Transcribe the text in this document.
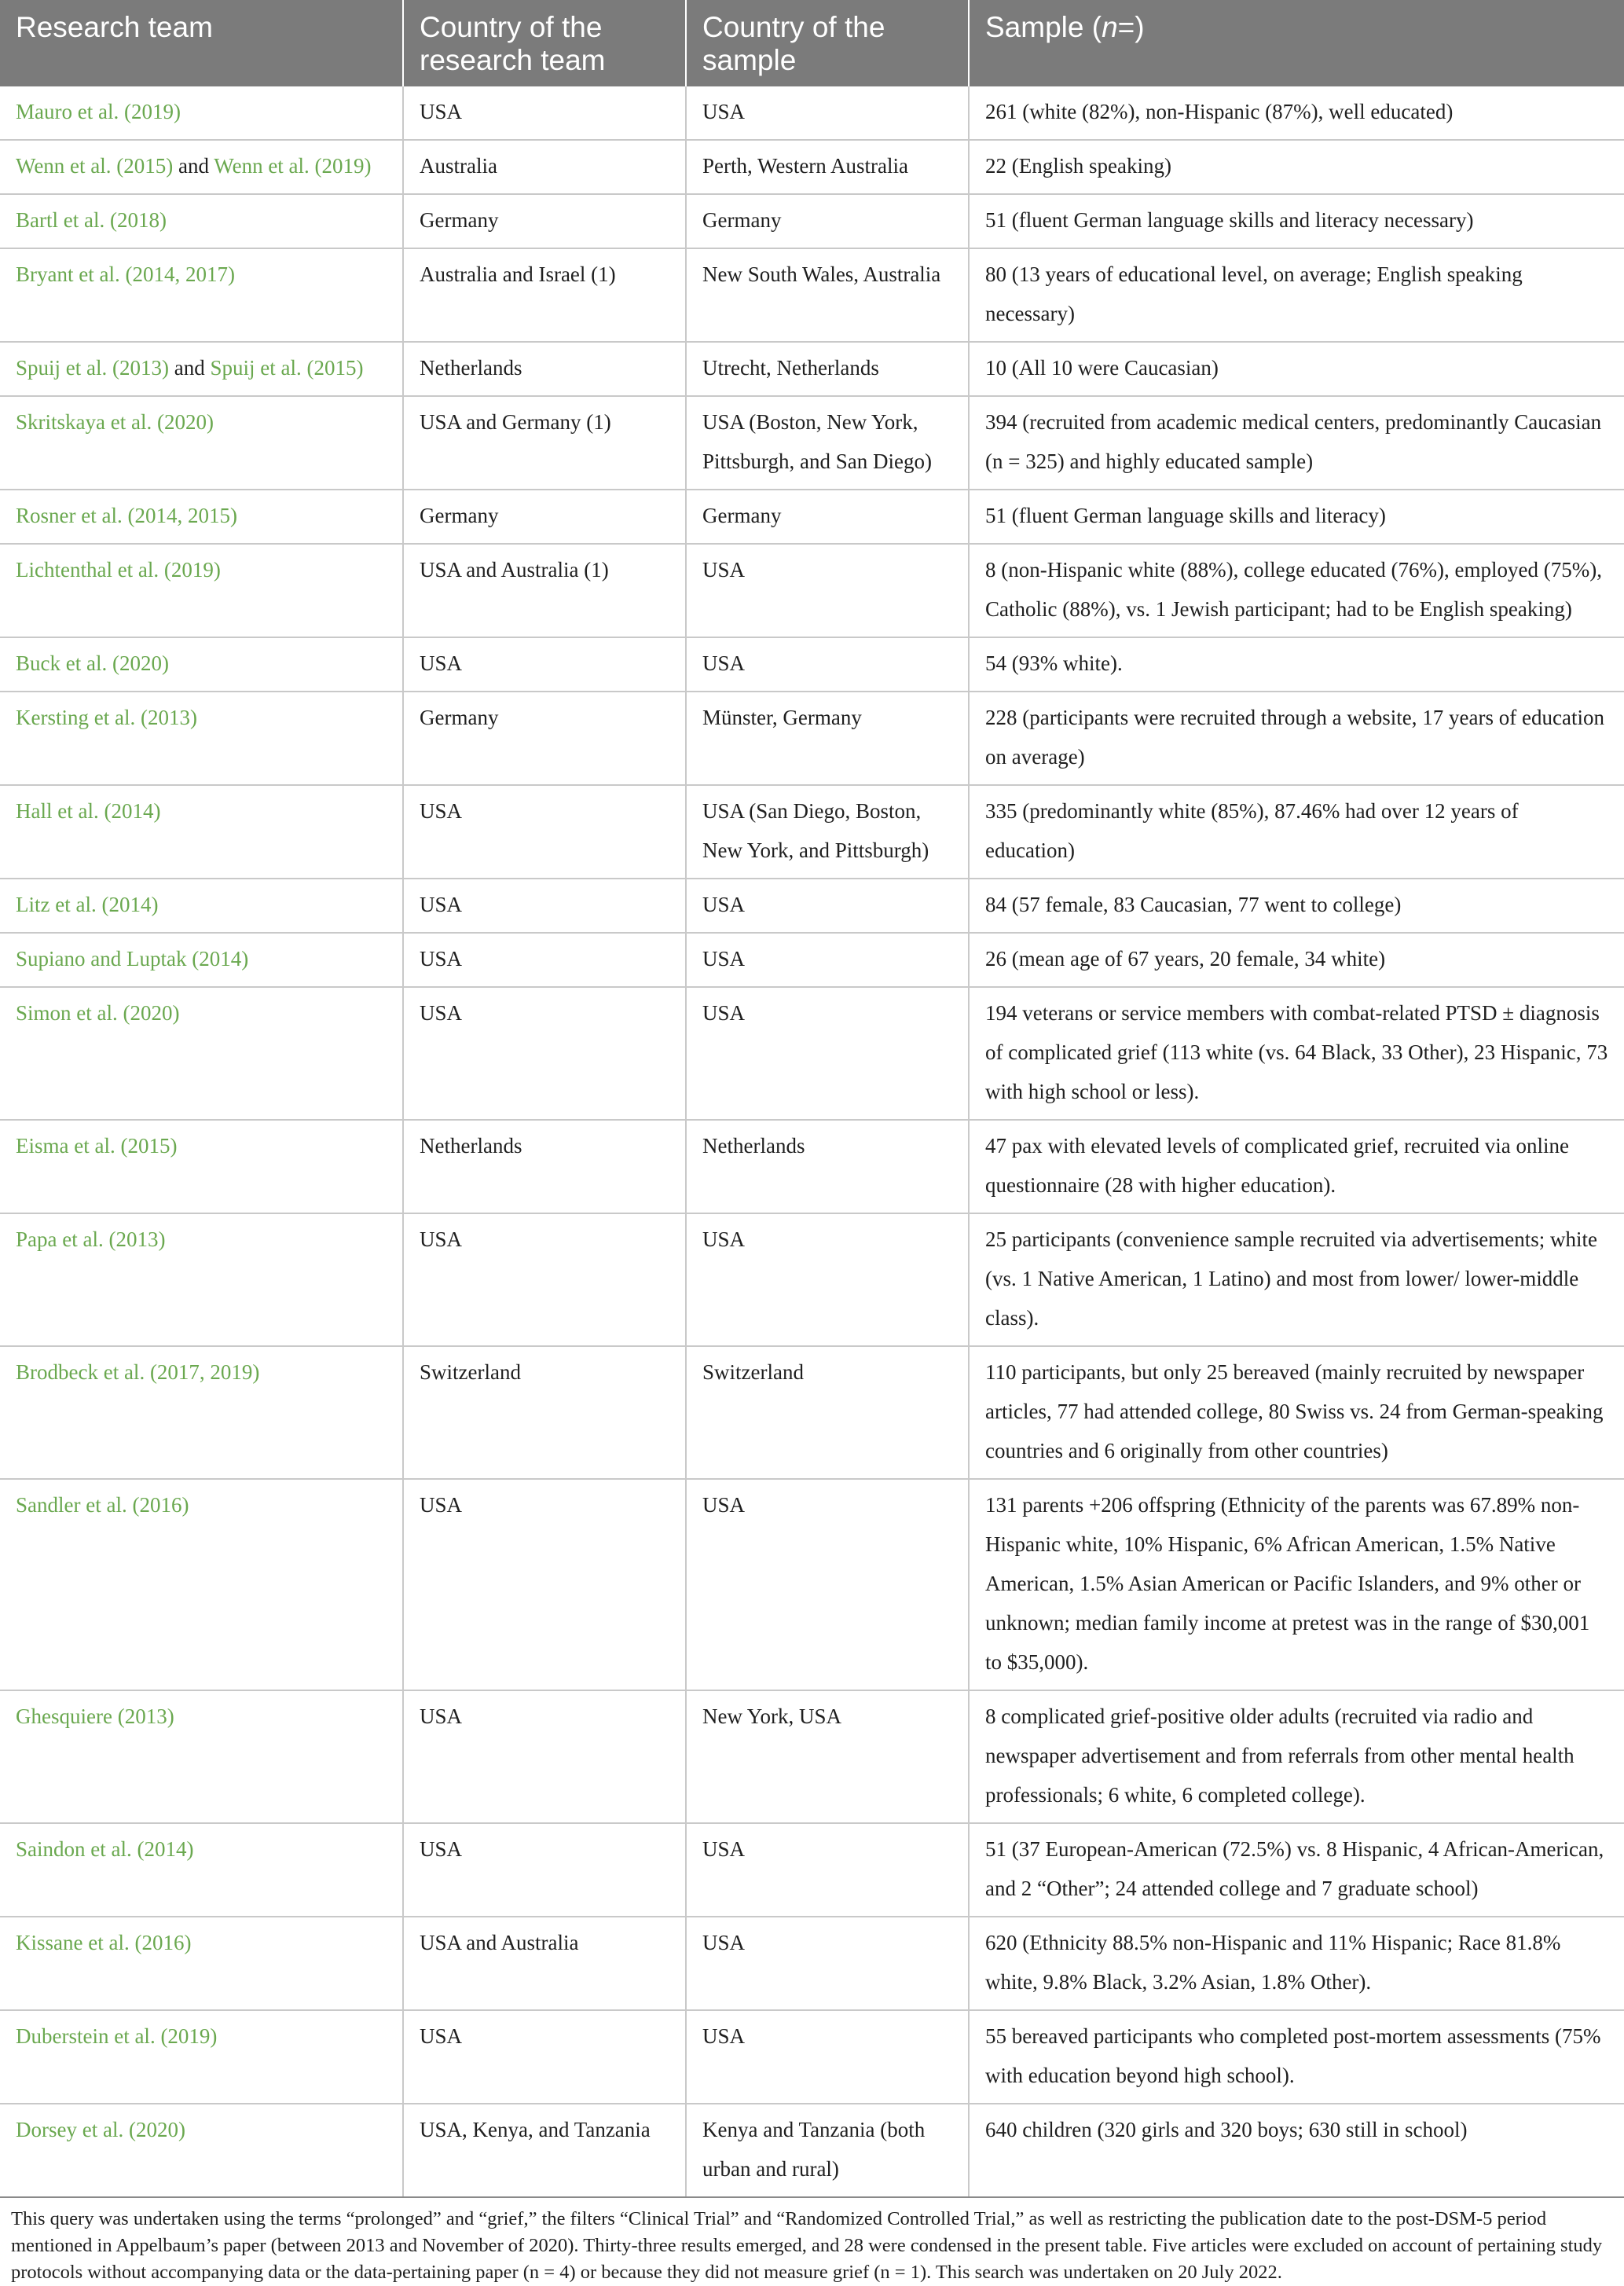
Research team	Country of the research team	Country of the sample	Sample (n=)
Mauro et al. (2019)	USA	USA	261 (white (82%), non-Hispanic (87%), well educated)
Wenn et al. (2015) and Wenn et al. (2019)	Australia	Perth, Western Australia	22 (English speaking)
Bartl et al. (2018)	Germany	Germany	51 (fluent German language skills and literacy necessary)
Bryant et al. (2014, 2017)	Australia and Israel (1)	New South Wales, Australia	80 (13 years of educational level, on average; English speaking necessary)
Spuij et al. (2013) and Spuij et al. (2015)	Netherlands	Utrecht, Netherlands	10 (All 10 were Caucasian)
Skritskaya et al. (2020)	USA and Germany (1)	USA (Boston, New York, Pittsburgh, and San Diego)	394 (recruited from academic medical centers, predominantly Caucasian (n = 325) and highly educated sample)
Rosner et al. (2014, 2015)	Germany	Germany	51 (fluent German language skills and literacy)
Lichtenthal et al. (2019)	USA and Australia (1)	USA	8 (non-Hispanic white (88%), college educated (76%), employed (75%), Catholic (88%), vs. 1 Jewish participant; had to be English speaking)
Buck et al. (2020)	USA	USA	54 (93% white).
Kersting et al. (2013)	Germany	Münster, Germany	228 (participants were recruited through a website, 17 years of education on average)
Hall et al. (2014)	USA	USA (San Diego, Boston, New York, and Pittsburgh)	335 (predominantly white (85%), 87.46% had over 12 years of education)
Litz et al. (2014)	USA	USA	84 (57 female, 83 Caucasian, 77 went to college)
Supiano and Luptak (2014)	USA	USA	26 (mean age of 67 years, 20 female, 34 white)
Simon et al. (2020)	USA	USA	194 veterans or service members with combat-related PTSD ± diagnosis of complicated grief (113 white (vs. 64 Black, 33 Other), 23 Hispanic, 73 with high school or less).
Eisma et al. (2015)	Netherlands	Netherlands	47 pax with elevated levels of complicated grief, recruited via online questionnaire (28 with higher education).
Papa et al. (2013)	USA	USA	25 participants (convenience sample recruited via advertisements; white (vs. 1 Native American, 1 Latino) and most from lower/ lower-middle class).
Brodbeck et al. (2017, 2019)	Switzerland	Switzerland	110 participants, but only 25 bereaved (mainly recruited by newspaper articles, 77 had attended college, 80 Swiss vs. 24 from German-speaking countries and 6 originally from other countries)
Sandler et al. (2016)	USA	USA	131 parents +206 offspring (Ethnicity of the parents was 67.89% non-Hispanic white, 10% Hispanic, 6% African American, 1.5% Native American, 1.5% Asian American or Pacific Islanders, and 9% other or unknown; median family income at pretest was in the range of $30,001 to $35,000).
Ghesquiere (2013)	USA	New York, USA	8 complicated grief-positive older adults (recruited via radio and newspaper advertisement and from referrals from other mental health professionals; 6 white, 6 completed college).
Saindon et al. (2014)	USA	USA	51 (37 European-American (72.5%) vs. 8 Hispanic, 4 African-American, and 2 “Other”; 24 attended college and 7 graduate school)
Kissane et al. (2016)	USA and Australia	USA	620 (Ethnicity 88.5% non-Hispanic and 11% Hispanic; Race 81.8% white, 9.8% Black, 3.2% Asian, 1.8% Other).
Duberstein et al. (2019)	USA	USA	55 bereaved participants who completed post-mortem assessments (75% with education beyond high school).
Dorsey et al. (2020)	USA, Kenya, and Tanzania	Kenya and Tanzania (both urban and rural)	640 children (320 girls and 320 boys; 630 still in school)
This query was undertaken using the terms “prolonged” and “grief,” the filters “Clinical Trial” and “Randomized Controlled Trial,” as well as restricting the publication date to the post-DSM-5 period mentioned in Appelbaum’s paper (between 2013 and November of 2020). Thirty-three results emerged, and 28 were condensed in the present table. Five articles were excluded on account of pertaining study protocols without accompanying data or the data-pertaining paper (n = 4) or because they did not measure grief (n = 1). This search was undertaken on 20 July 2022.
